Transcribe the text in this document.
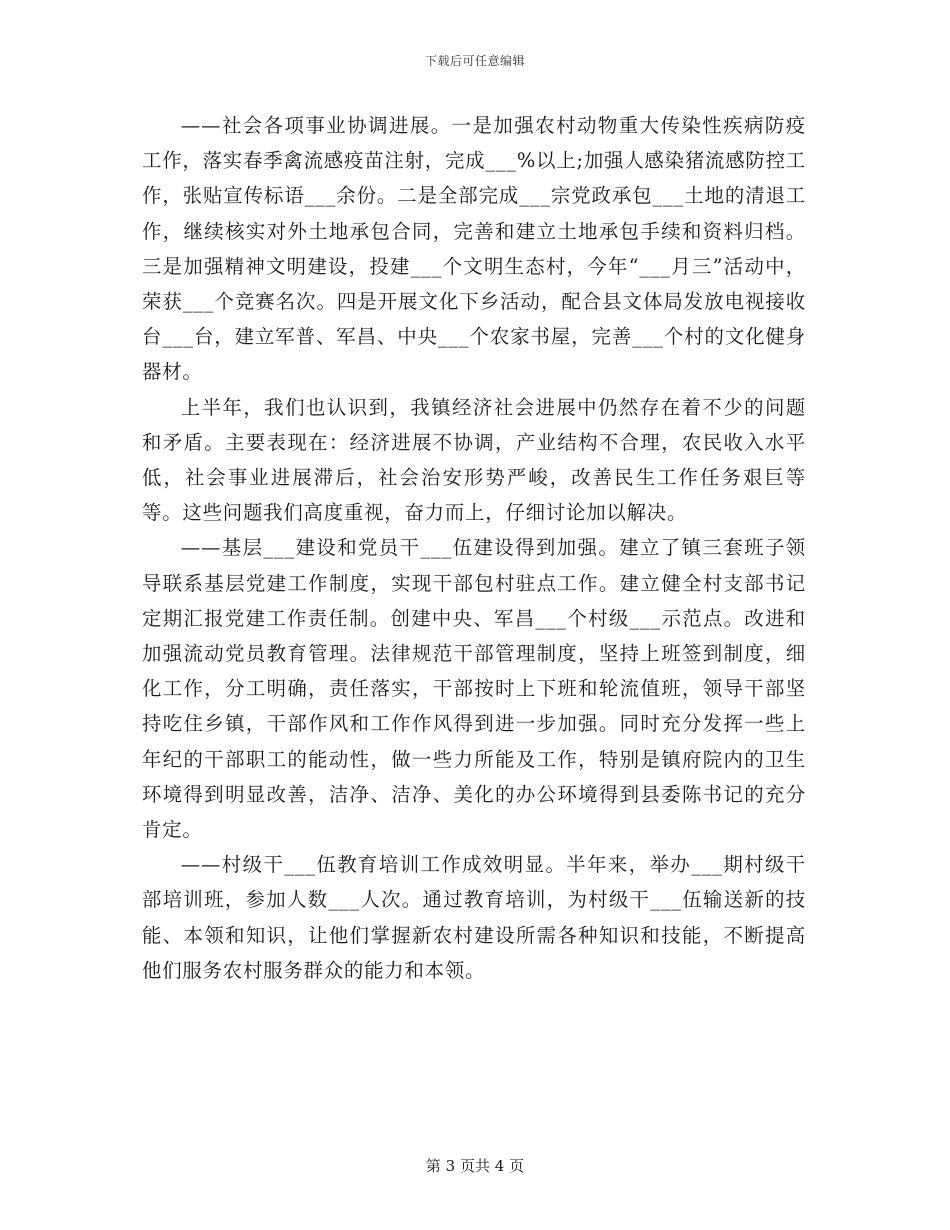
下载后可任意编辑

——社会各项事业协调进展。一是加强农村动物重大传染性疾病防疫工作，落实春季禽流感疫苗注射，完成___%以上;加强人感染猪流感防控工作，张贴宣传标语___余份。二是全部完成___宗党政承包___土地的清退工作，继续核实对外土地承包合同，完善和建立土地承包手续和资料归档。三是加强精神文明建设，投建___个文明生态村，今年“___月三”活动中，荣获___个竞赛名次。四是开展文化下乡活动，配合县文体局发放电视接收台___台，建立军普、军昌、中央___个农家书屋，完善___个村的文化健身器材。

上半年，我们也认识到，我镇经济社会进展中仍然存在着不少的问题和矛盾。主要表现在：经济进展不协调，产业结构不合理，农民收入水平低，社会事业进展滞后，社会治安形势严峻，改善民生工作任务艰巨等等。这些问题我们高度重视，奋力而上，仔细讨论加以解决。

——基层___建设和党员干___伍建设得到加强。建立了镇三套班子领导联系基层党建工作制度，实现干部包村驻点工作。建立健全村支部书记定期汇报党建工作责任制。创建中央、军昌___个村级___示范点。改进和加强流动党员教育管理。法律规范干部管理制度，坚持上班签到制度，细化工作，分工明确，责任落实，干部按时上下班和轮流值班，领导干部坚持吃住乡镇，干部作风和工作作风得到进一步加强。同时充分发挥一些上年纪的干部职工的能动性，做一些力所能及工作，特别是镇府院内的卫生环境得到明显改善，洁净、洁净、美化的办公环境得到县委陈书记的充分肯定。

——村级干___伍教育培训工作成效明显。半年来，举办___期村级干部培训班，参加人数___人次。通过教育培训，为村级干___伍输送新的技能、本领和知识，让他们掌握新农村建设所需各种知识和技能，不断提高他们服务农村服务群众的能力和本领。

第 3 页共 4 页
